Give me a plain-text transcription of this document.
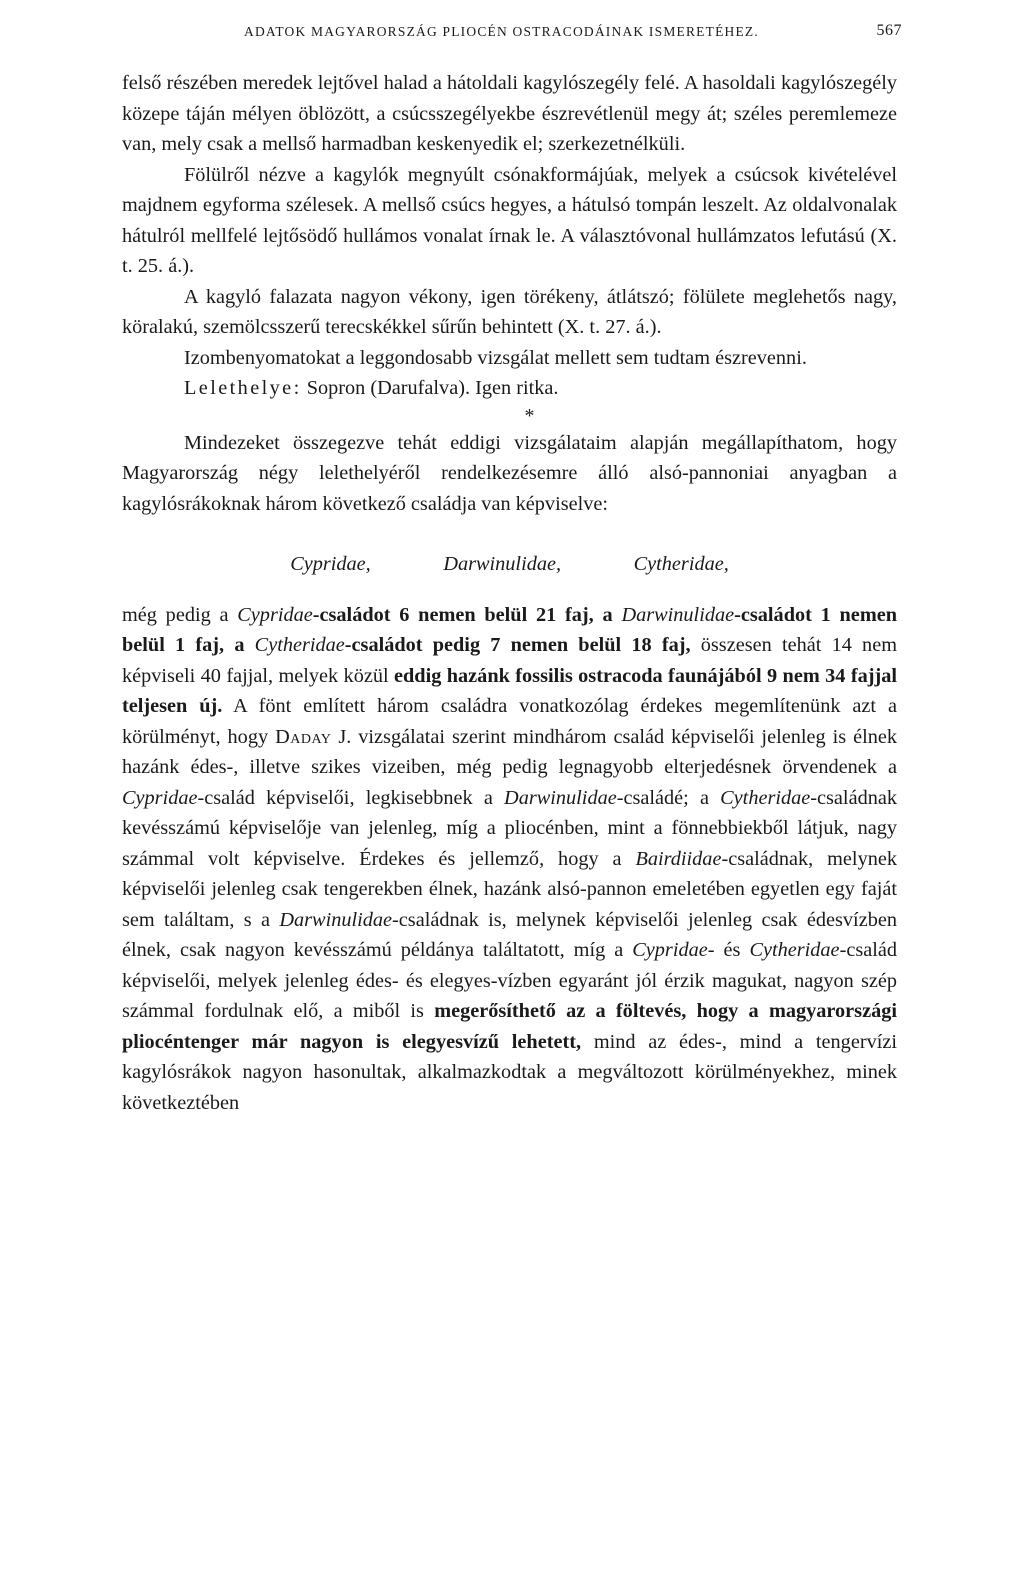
ADATOK MAGYARORSZÁG PLIOCÉN OSTRACODÁINAK ISMERETÉHEZ.	567

felső részében meredek lejtővel halad a hátoldali kagylószegély felé. A hasoldali kagylószegély közepe táján mélyen öblözött, a csúcsszegélyekbe észrevétlenül megy át; széles peremlemeze van, mely csak a mellső harmadban keskenyedik el; szerkezetnélküli.

Fölülről nézve a kagylók megnyúlt csónakformájúak, melyek a csúcsok kivételével majdnem egyforma szélesek. A mellső csúcs hegyes, a hátulsó tompán leszelt. Az oldalvonalak hátulról mellfelé lejtősödő hullámos vonalat írnak le. A választóvonal hullámzatos lefutású (X. t. 25. á.).

A kagyló falazata nagyon vékony, igen törékeny, átlátszó; fölülete meglehetős nagy, köralakú, szemölcsszerű terecskékkel sűrűn behintett (X. t. 27. á.).

Izombenyomatokat a leggondosabb vizsgálat mellett sem tudtam észrevenni.

Lelethelye: Sopron (Darufalva). Igen ritka.

*

Mindezeket összegezve tehát eddigi vizsgálataim alapján megállapíthatom, hogy Magyarország négy lelethelyéről rendelkezésemre álló alsó-pannoniai anyagban a kagylósrákoknak három következő családja van képviselve:

Cypridae,	Darwinulidae,	Cytheridae,

még pedig a Cypridae-családot 6 nemen belül 21 faj, a Darwinulidae-családot 1 nemen belül 1 faj, a Cytheridae-családot pedig 7 nemen belül 18 faj, összesen tehát 14 nem képviseli 40 fajjal, melyek közül eddig hazánk fossilis ostracoda faunájából 9 nem 34 fajjal teljesen új. A fönt említett három családra vonatkozólag érdekes megemlítenünk azt a körülményt, hogy Daday J. vizsgálatai szerint mindhárom család képviselői jelenleg is élnek hazánk édes-, illetve szikes vizeiben, még pedig legnagyobb elterjedésnek örvendenek a Cypridae-család képviselői, legkisebbnek a Darwinulidae-családé; a Cytheridae-családnak kevésszámú képviselője van jelenleg, míg a pliocénben, mint a fönnebbiekből látjuk, nagy számmal volt képviselve. Érdekes és jellemző, hogy a Bairdiidae-családnak, melynek képviselői jelenleg csak tengerekben élnek, hazánk alsó-pannon emeletében egyetlen egy faját sem találtam, s a Darwinulidae-családnak is, melynek képviselői jelenleg csak édesvízben élnek, csak nagyon kevésszámú példánya találtatott, míg a Cypridae- és Cytheridae-család képviselői, melyek jelenleg édes- és elegyes-vízben egyaránt jól érzik magukat, nagyon szép számmal fordulnak elő, a miből is megerősíthető az a föltevés, hogy a magyarországi pliocéntenger már nagyon is elegyesvízű lehetett, mind az édes-, mind a tengervízi kagylósrákok nagyon hasonultak, alkalmazkodtak a megváltozott körülményekhez, minek következtében
